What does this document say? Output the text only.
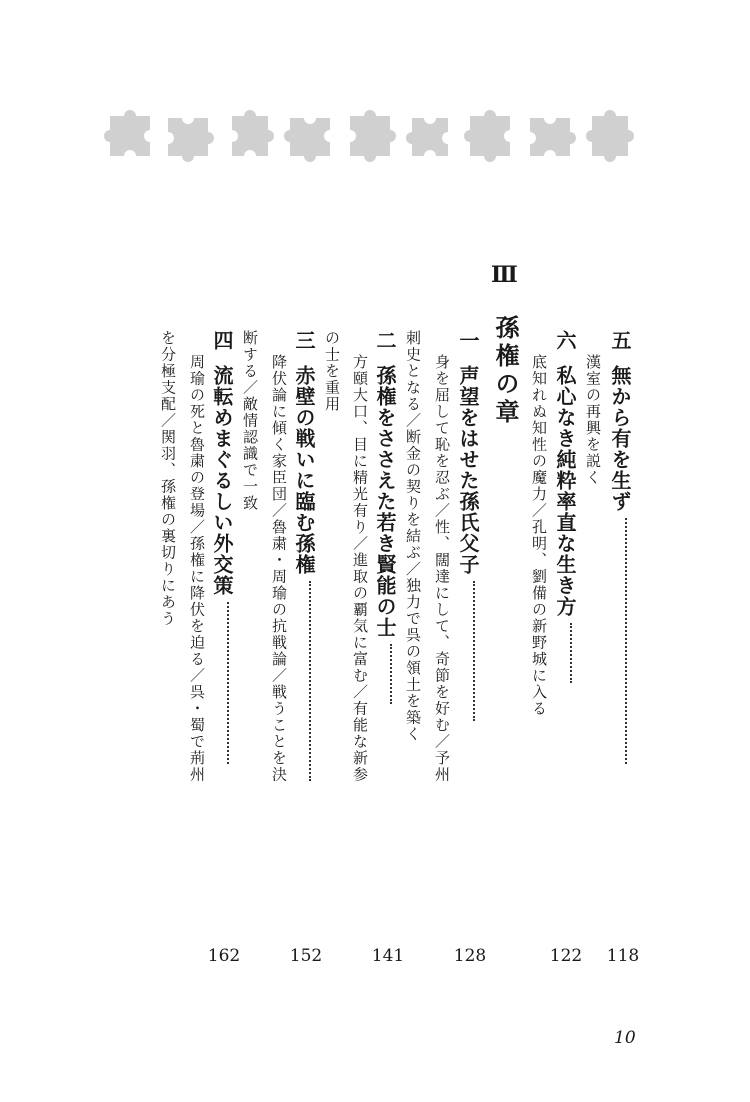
五無から有を生ず
118
漢室の再興を説く
六私心なき純粋率直な生き方
122
底知れぬ知性の魔力／孔明、劉備の新野城に入る
Ⅲ
孫権の章
一声望をはせた孫氏父子
128
身を屈して恥を忍ぶ／性、闊達にして、奇節を好む／予州
刺史となる／断金の契りを結ぶ／独力で呉の領土を築く
二孫権をささえた若き賢能の士
141
方頤大口、目に精光有り／進取の覇気に富む／有能な新参
の士を重用
三赤壁の戦いに臨む孫権
152
降伏論に傾く家臣団／魯粛・周瑜の抗戦論／戦うことを決
断する／敵情認識で一致
四流転めまぐるしい外交策
162
周瑜の死と魯粛の登場／孫権に降伏を迫る／呉・蜀で荊州
を分極支配／関羽、孫権の裏切りにあう
10
